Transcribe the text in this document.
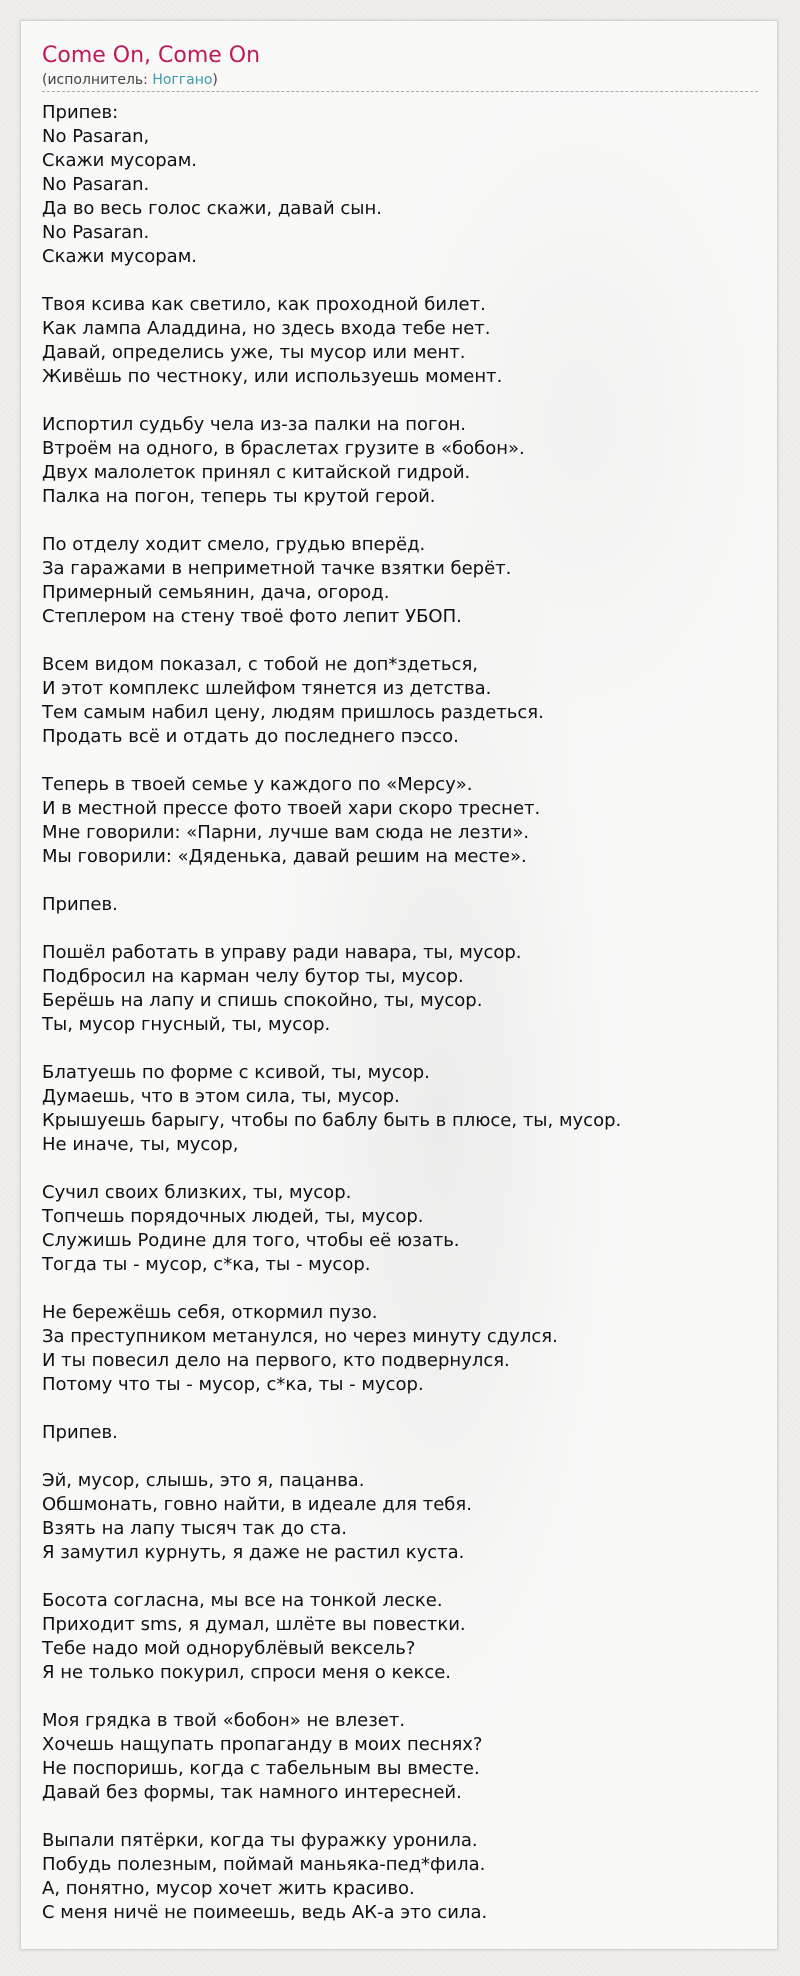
Come On, Come On
(исполнитель: Ноггано)
Припев:
No Pasaran,
Скажи мусорам.
No Pasaran.
Да во весь голос скажи, давай сын.
No Pasaran.
Скажи мусорам.
Твоя ксива как светило, как проходной билет.
Как лампа Аладдина, но здесь входа тебе нет.
Давай, определись уже, ты мусор или мент.
Живёшь по честноку, или используешь момент.
Испортил судьбу чела из-за палки на погон.
Втроём на одного, в браслетах грузите в «бобон».
Двух малолеток принял с китайской гидрой.
Палка на погон, теперь ты крутой герой.
По отделу ходит смело, грудью вперёд.
За гаражами в неприметной тачке взятки берёт.
Примерный семьянин, дача, огород.
Степлером на стену твоё фото лепит УБОП.
Всем видом показал, с тобой не доп*здеться,
И этот комплекс шлейфом тянется из детства.
Тем самым набил цену, людям пришлось раздеться.
Продать всё и отдать до последнего пэссо.
Теперь в твоей семье у каждого по «Мерсу».
И в местной прессе фото твоей хари скоро треснет.
Мне говорили: «Парни, лучше вам сюда не лезти».
Мы говорили: «Дяденька, давай решим на месте».
Припев.
Пошёл работать в управу ради навара, ты, мусор.
Подбросил на карман челу бутор ты, мусор.
Берёшь на лапу и спишь спокойно, ты, мусор.
Ты, мусор гнусный, ты, мусор.
Блатуешь по форме с ксивой, ты, мусор.
Думаешь, что в этом сила, ты, мусор.
Крышуешь барыгу, чтобы по баблу быть в плюсе, ты, мусор.
Не иначе, ты, мусор,
Сучил своих близких, ты, мусор.
Топчешь порядочных людей, ты, мусор.
Служишь Родине для того, чтобы её юзать.
Тогда ты - мусор, с*ка, ты - мусор.
Не бережёшь себя, откормил пузо.
За преступником метанулся, но через минуту сдулся.
И ты повесил дело на первого, кто подвернулся.
Потому что ты - мусор, с*ка, ты - мусор.
Припев.
Эй, мусор, слышь, это я, пацанва.
Обшмонать, говно найти, в идеале для тебя.
Взять на лапу тысяч так до ста.
Я замутил курнуть, я даже не растил куста.
Босота согласна, мы все на тонкой леске.
Приходит sms, я думал, шлёте вы повестки.
Тебе надо мой однорублёвый вексель?
Я не только покурил, спроси меня о кексе.
Моя грядка в твой «бобон» не влезет.
Хочешь нащупать пропаганду в моих песнях?
Не поспоришь, когда с табельным вы вместе.
Давай без формы, так намного интересней.
Выпали пятёрки, когда ты фуражку уронила.
Побудь полезным, поймай маньяка-пед*фила.
А, понятно, мусор хочет жить красиво.
С меня ничё не поимеешь, ведь АК-а это сила.
